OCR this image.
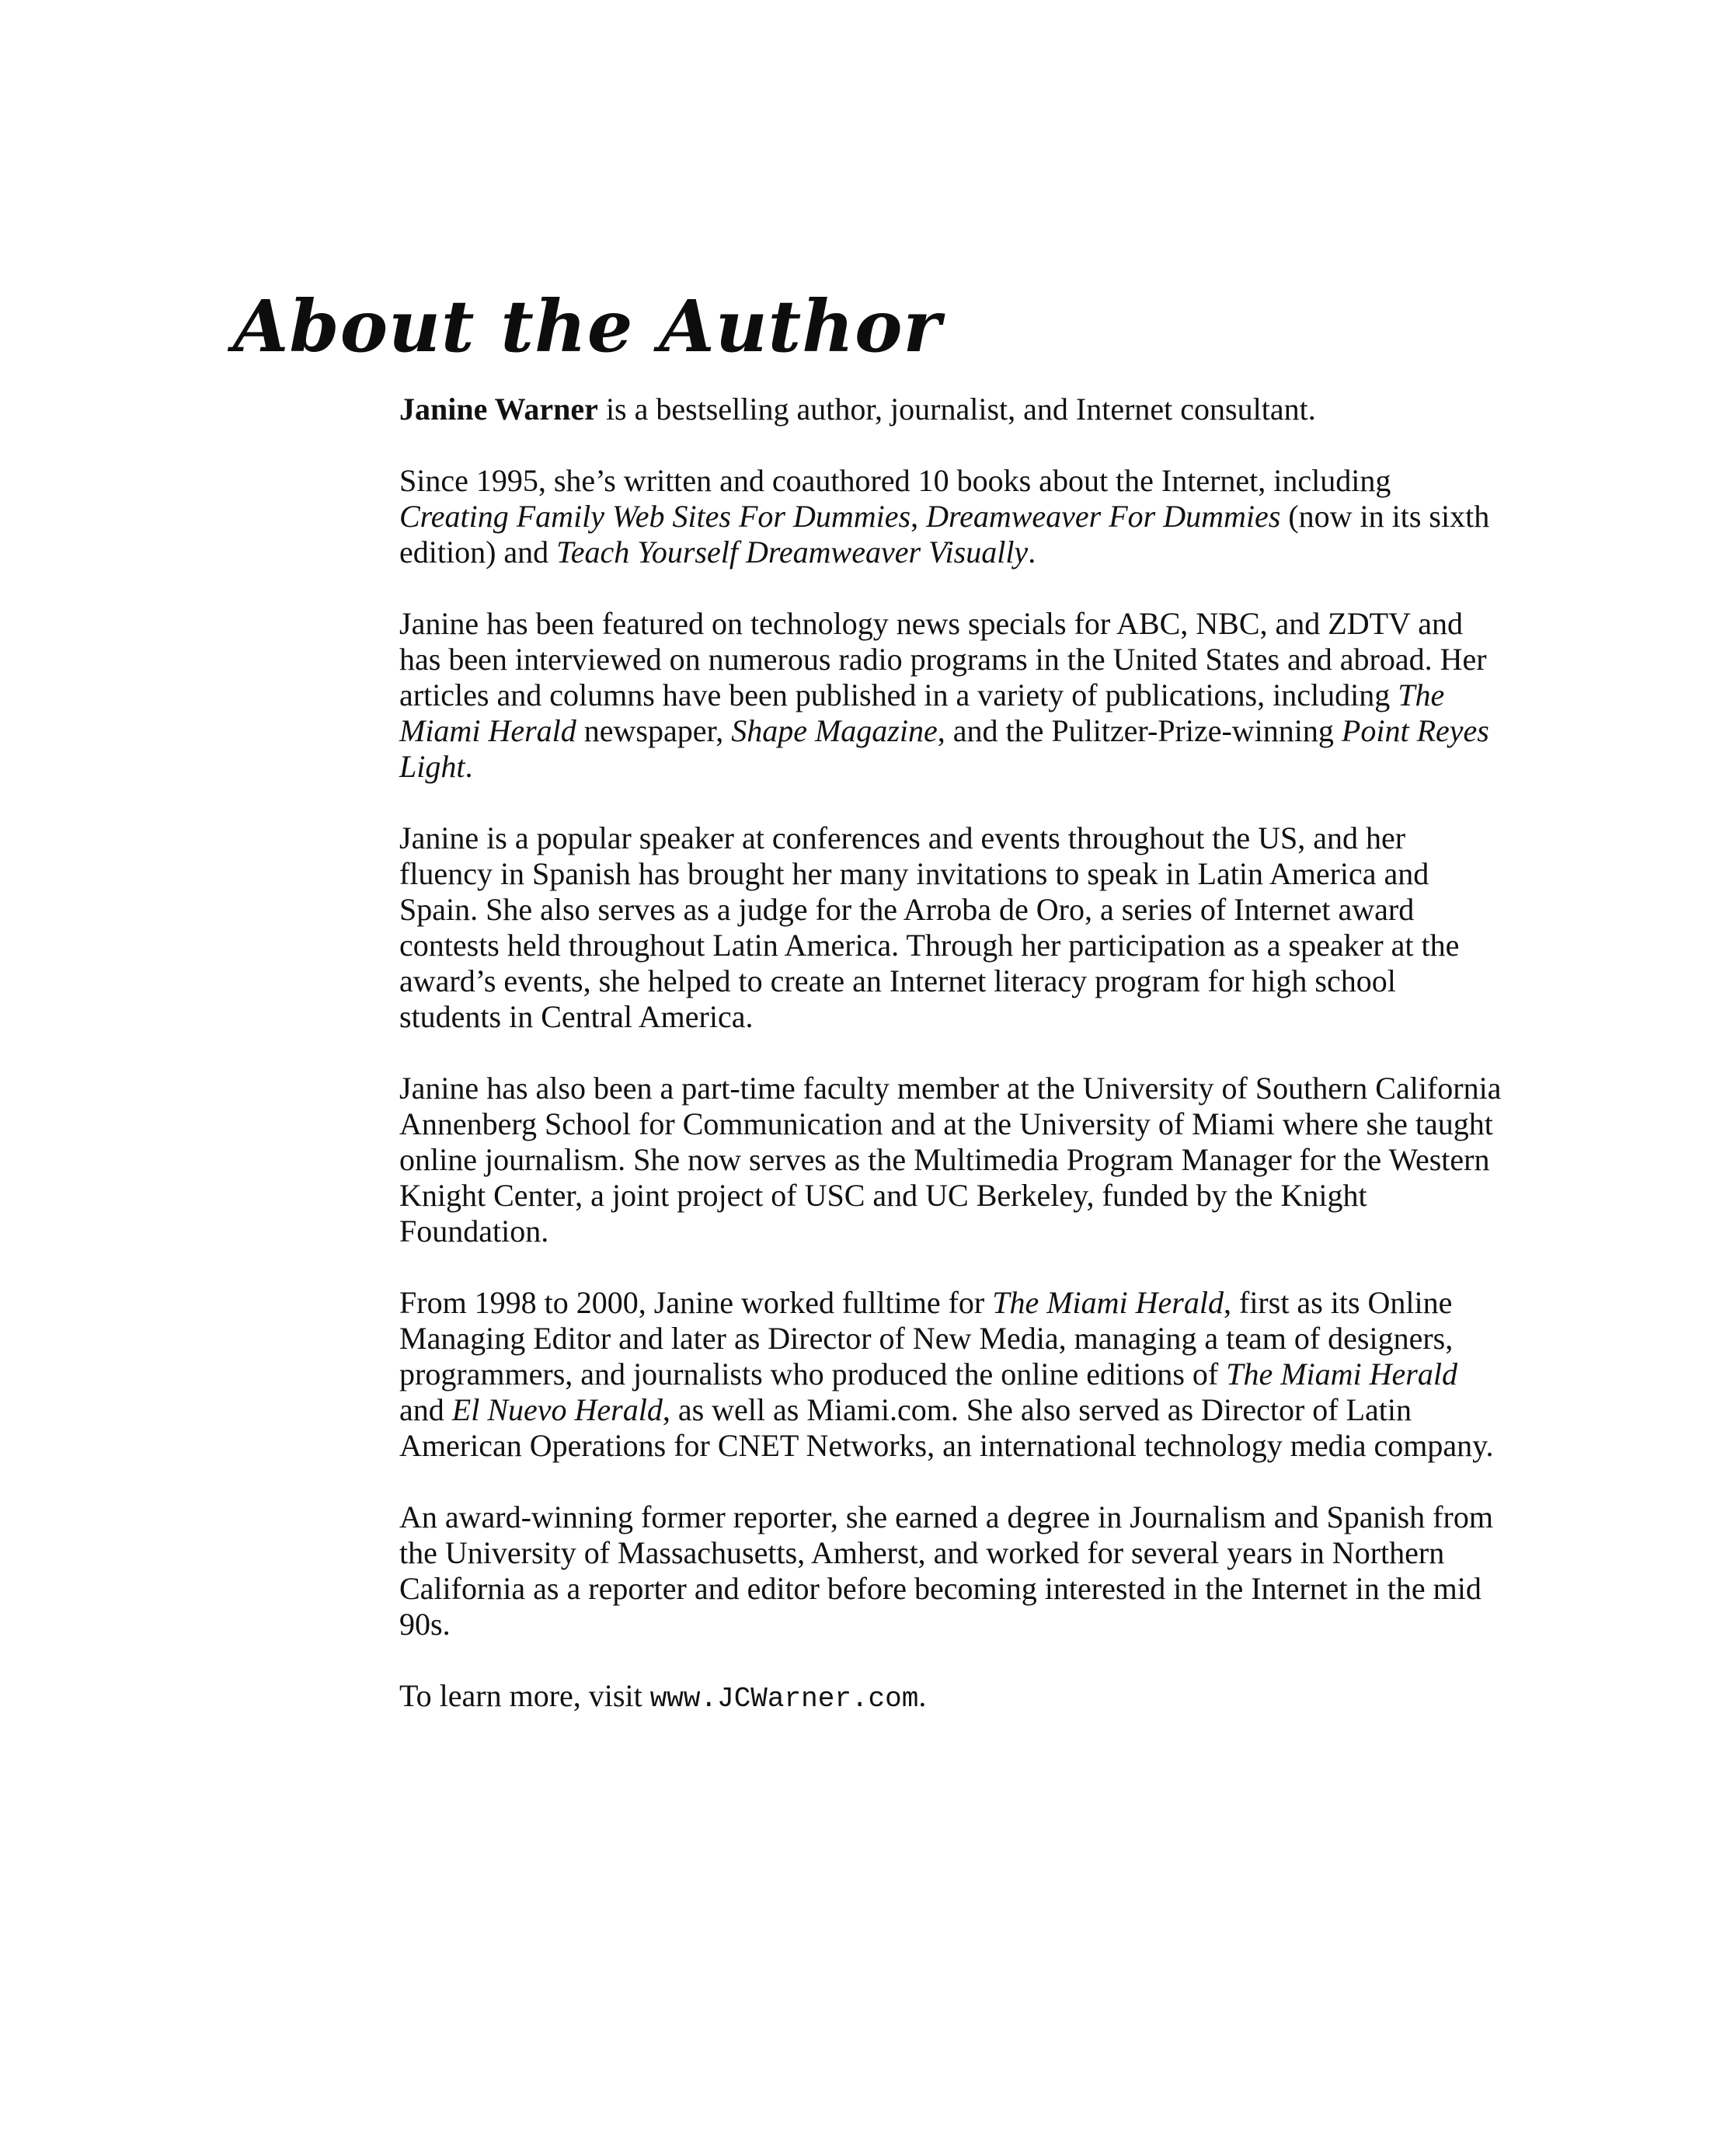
About the Author

Janine Warner is a bestselling author, journalist, and Internet consultant.

Since 1995, she’s written and coauthored 10 books about the Internet, including Creating Family Web Sites For Dummies, Dreamweaver For Dummies (now in its sixth edition) and Teach Yourself Dreamweaver Visually.

Janine has been featured on technology news specials for ABC, NBC, and ZDTV and has been interviewed on numerous radio programs in the United States and abroad. Her articles and columns have been published in a variety of publications, including The Miami Herald newspaper, Shape Magazine, and the Pulitzer-Prize-winning Point Reyes Light.

Janine is a popular speaker at conferences and events throughout the US, and her fluency in Spanish has brought her many invitations to speak in Latin America and Spain. She also serves as a judge for the Arroba de Oro, a series of Internet award contests held throughout Latin America. Through her participation as a speaker at the award’s events, she helped to create an Internet literacy program for high school students in Central America.

Janine has also been a part-time faculty member at the University of Southern California Annenberg School for Communication and at the University of Miami where she taught online journalism. She now serves as the Multimedia Program Manager for the Western Knight Center, a joint project of USC and UC Berkeley, funded by the Knight Foundation.

From 1998 to 2000, Janine worked fulltime for The Miami Herald, first as its Online Managing Editor and later as Director of New Media, managing a team of designers, programmers, and journalists who produced the online editions of The Miami Herald and El Nuevo Herald, as well as Miami.com. She also served as Director of Latin American Operations for CNET Networks, an international technology media company.

An award-winning former reporter, she earned a degree in Journalism and Spanish from the University of Massachusetts, Amherst, and worked for several years in Northern California as a reporter and editor before becoming interested in the Internet in the mid 90s.

To learn more, visit www.JCWarner.com.
